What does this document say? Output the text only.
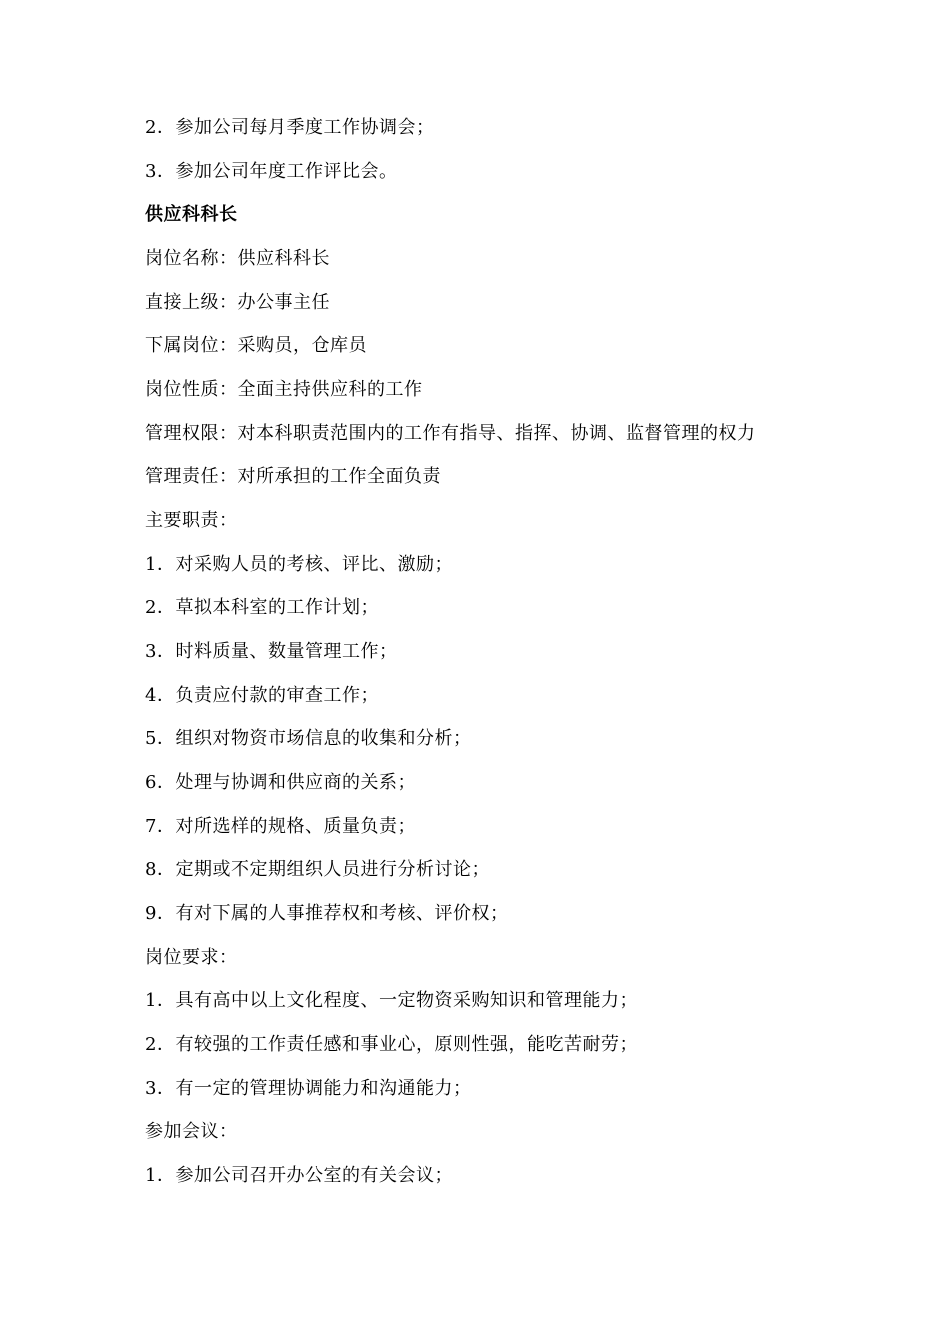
2．参加公司每月季度工作协调会；
3．参加公司年度工作评比会。
供应科科长
岗位名称：供应科科长
直接上级：办公事主任
下属岗位：采购员，仓库员
岗位性质：全面主持供应科的工作
管理权限：对本科职责范围内的工作有指导、指挥、协调、监督管理的权力
管理责任：对所承担的工作全面负责
主要职责：
1．对采购人员的考核、评比、激励；
2．草拟本科室的工作计划；
3．时料质量、数量管理工作；
4．负责应付款的审查工作；
5．组织对物资市场信息的收集和分析；
6．处理与协调和供应商的关系；
7．对所选样的规格、质量负责；
8．定期或不定期组织人员进行分析讨论；
9．有对下属的人事推荐权和考核、评价权；
岗位要求：
1．具有高中以上文化程度、一定物资采购知识和管理能力；
2．有较强的工作责任感和事业心，原则性强，能吃苦耐劳；
3．有一定的管理协调能力和沟通能力；
参加会议：
1．参加公司召开办公室的有关会议；
